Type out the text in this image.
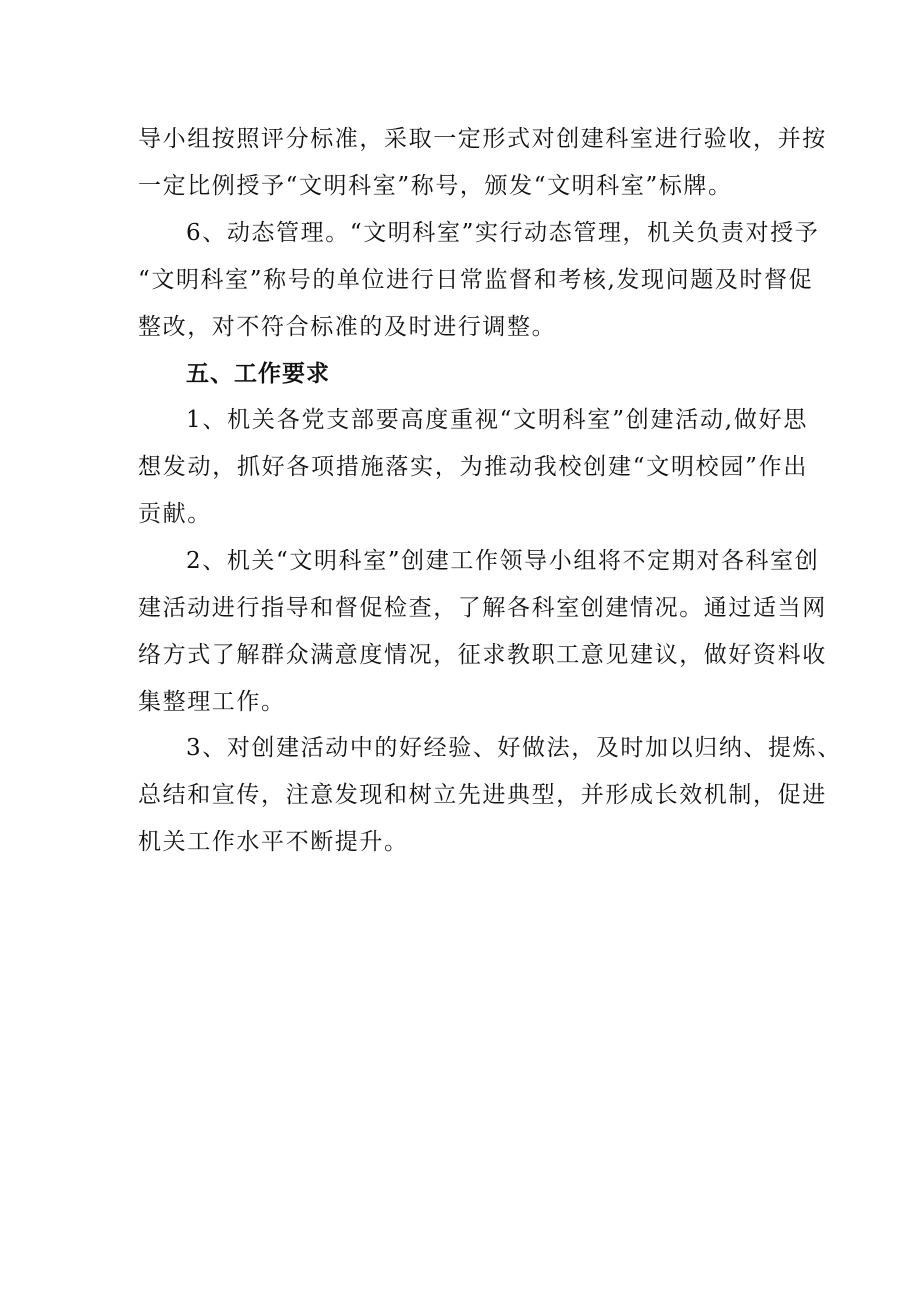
导小组按照评分标准，采取一定形式对创建科室进行验收，并按
一定比例授予“文明科室”称号，颁发“文明科室”标牌。
6、动态管理。“文明科室”实行动态管理，机关负责对授予
“文明科室”称号的单位进行日常监督和考核,发现问题及时督促
整改，对不符合标准的及时进行调整。
五、工作要求
1、机关各党支部要高度重视“文明科室”创建活动,做好思
想发动，抓好各项措施落实，为推动我校创建“文明校园”作出
贡献。
2、机关“文明科室”创建工作领导小组将不定期对各科室创
建活动进行指导和督促检查，了解各科室创建情况。通过适当网
络方式了解群众满意度情况，征求教职工意见建议，做好资料收
集整理工作。
3、对创建活动中的好经验、好做法，及时加以归纳、提炼、
总结和宣传，注意发现和树立先进典型，并形成长效机制，促进
机关工作水平不断提升。
